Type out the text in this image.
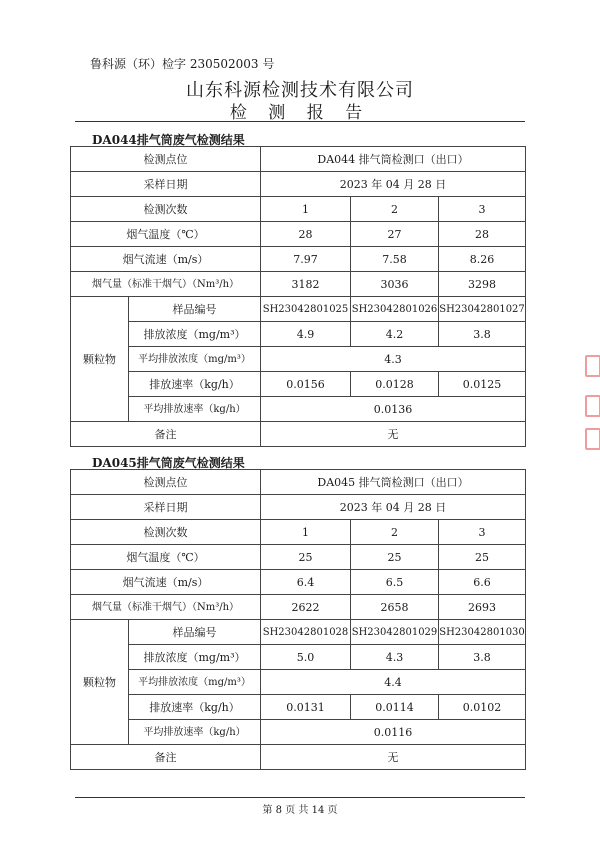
鲁科源（环）检字 230502003 号
山东科源检测技术有限公司
检 测 报 告
DA044排气筒废气检测结果
检测点位		DA044 排气筒检测口（出口）		
采样日期		2023 年 04 月 28 日		
检测次数		1	2	3
烟气温度（℃）		28	27	28
烟气流速（m/s）		7.97	7.58	8.26
烟气量（标准干烟气）（Nm³/h）		3182	3036	3298
颗粒物	样品编号	SH23042801025	SH23042801026	SH23042801027
	排放浓度（mg/m³）	4.9	4.2	3.8
	平均排放浓度（mg/m³）	4.3		
	排放速率（kg/h）	0.0156	0.0128	0.0125
	平均排放速率（kg/h）	0.0136		
备注		无		
DA045排气筒废气检测结果
检测点位		DA045 排气筒检测口（出口）		
采样日期		2023 年 04 月 28 日		
检测次数		1	2	3
烟气温度（℃）		25	25	25
烟气流速（m/s）		6.4	6.5	6.6
烟气量（标准干烟气）（Nm³/h）		2622	2658	2693
颗粒物	样品编号	SH23042801028	SH23042801029	SH23042801030
	排放浓度（mg/m³）	5.0	4.3	3.8
	平均排放浓度（mg/m³）	4.4		
	排放速率（kg/h）	0.0131	0.0114	0.0102
	平均排放速率（kg/h）	0.0116		
备注		无		
第 8 页 共 14 页
